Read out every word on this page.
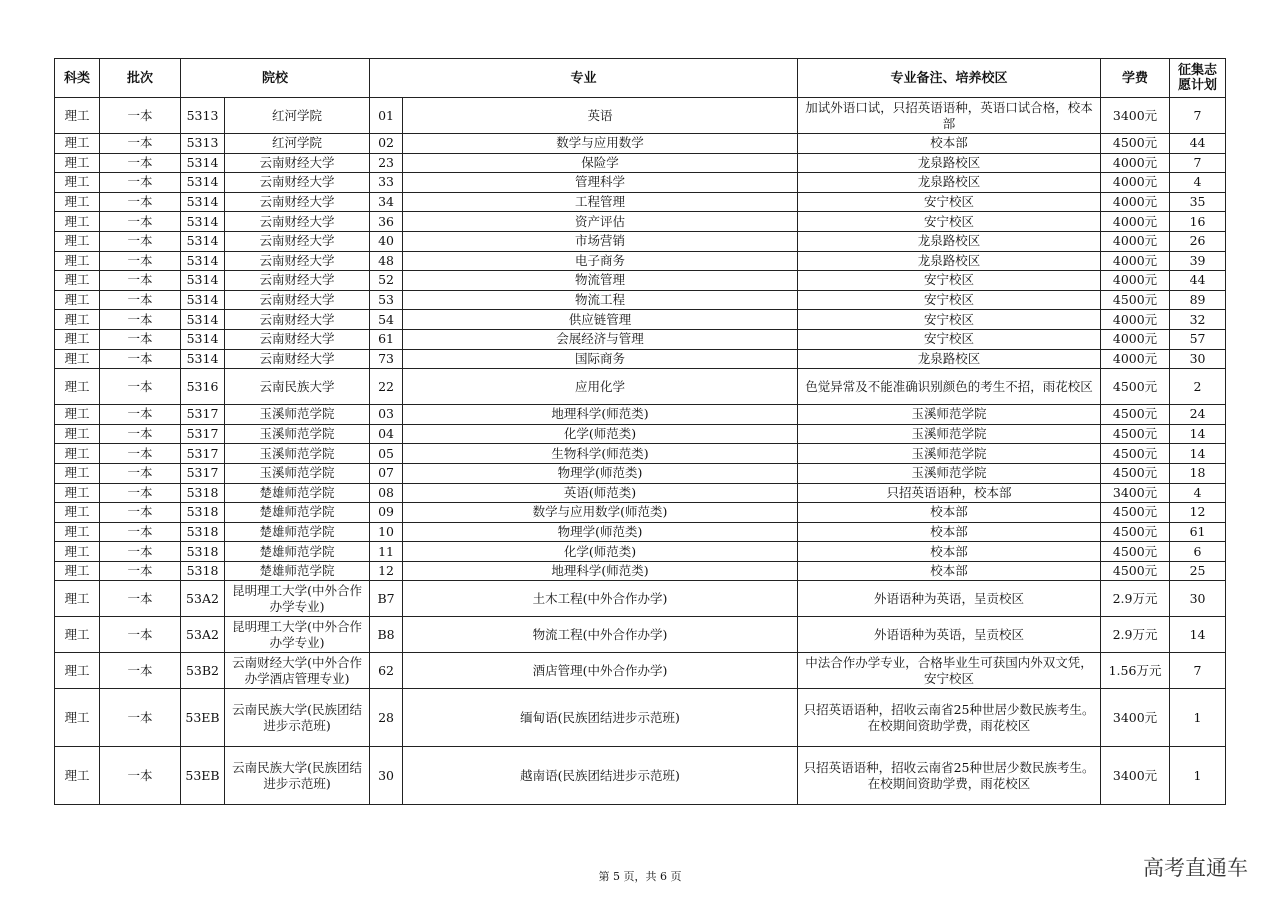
科类	批次	院校		专业		专业备注、培养校区	学费	征集志愿计划
理工	一本	5313	红河学院	01	英语	加试外语口试，只招英语语种，英语口试合格，校本部	3400元	7
理工	一本	5313	红河学院	02	数学与应用数学	校本部	4500元	44
理工	一本	5314	云南财经大学	23	保险学	龙泉路校区	4000元	7
理工	一本	5314	云南财经大学	33	管理科学	龙泉路校区	4000元	4
理工	一本	5314	云南财经大学	34	工程管理	安宁校区	4000元	35
理工	一本	5314	云南财经大学	36	资产评估	安宁校区	4000元	16
理工	一本	5314	云南财经大学	40	市场营销	龙泉路校区	4000元	26
理工	一本	5314	云南财经大学	48	电子商务	龙泉路校区	4000元	39
理工	一本	5314	云南财经大学	52	物流管理	安宁校区	4000元	44
理工	一本	5314	云南财经大学	53	物流工程	安宁校区	4500元	89
理工	一本	5314	云南财经大学	54	供应链管理	安宁校区	4000元	32
理工	一本	5314	云南财经大学	61	会展经济与管理	安宁校区	4000元	57
理工	一本	5314	云南财经大学	73	国际商务	龙泉路校区	4000元	30
理工	一本	5316	云南民族大学	22	应用化学	色觉异常及不能准确识别颜色的考生不招，雨花校区	4500元	2
理工	一本	5317	玉溪师范学院	03	地理科学(师范类)	玉溪师范学院	4500元	24
理工	一本	5317	玉溪师范学院	04	化学(师范类)	玉溪师范学院	4500元	14
理工	一本	5317	玉溪师范学院	05	生物科学(师范类)	玉溪师范学院	4500元	14
理工	一本	5317	玉溪师范学院	07	物理学(师范类)	玉溪师范学院	4500元	18
理工	一本	5318	楚雄师范学院	08	英语(师范类)	只招英语语种，校本部	3400元	4
理工	一本	5318	楚雄师范学院	09	数学与应用数学(师范类)	校本部	4500元	12
理工	一本	5318	楚雄师范学院	10	物理学(师范类)	校本部	4500元	61
理工	一本	5318	楚雄师范学院	11	化学(师范类)	校本部	4500元	6
理工	一本	5318	楚雄师范学院	12	地理科学(师范类)	校本部	4500元	25
理工	一本	53A2	昆明理工大学(中外合作办学专业)	B7	土木工程(中外合作办学)	外语语种为英语，呈贡校区	2.9万元	30
理工	一本	53A2	昆明理工大学(中外合作办学专业)	B8	物流工程(中外合作办学)	外语语种为英语，呈贡校区	2.9万元	14
理工	一本	53B2	云南财经大学(中外合作办学酒店管理专业)	62	酒店管理(中外合作办学)	中法合作办学专业，合格毕业生可获国内外双文凭，安宁校区	1.56万元	7
理工	一本	53EB	云南民族大学(民族团结进步示范班)	28	缅甸语(民族团结进步示范班)	只招英语语种，招收云南省25种世居少数民族考生。在校期间资助学费，雨花校区	3400元	1
理工	一本	53EB	云南民族大学(民族团结进步示范班)	30	越南语(民族团结进步示范班)	只招英语语种，招收云南省25种世居少数民族考生。在校期间资助学费，雨花校区	3400元	1
第 5 页，共 6 页	高考直通车
